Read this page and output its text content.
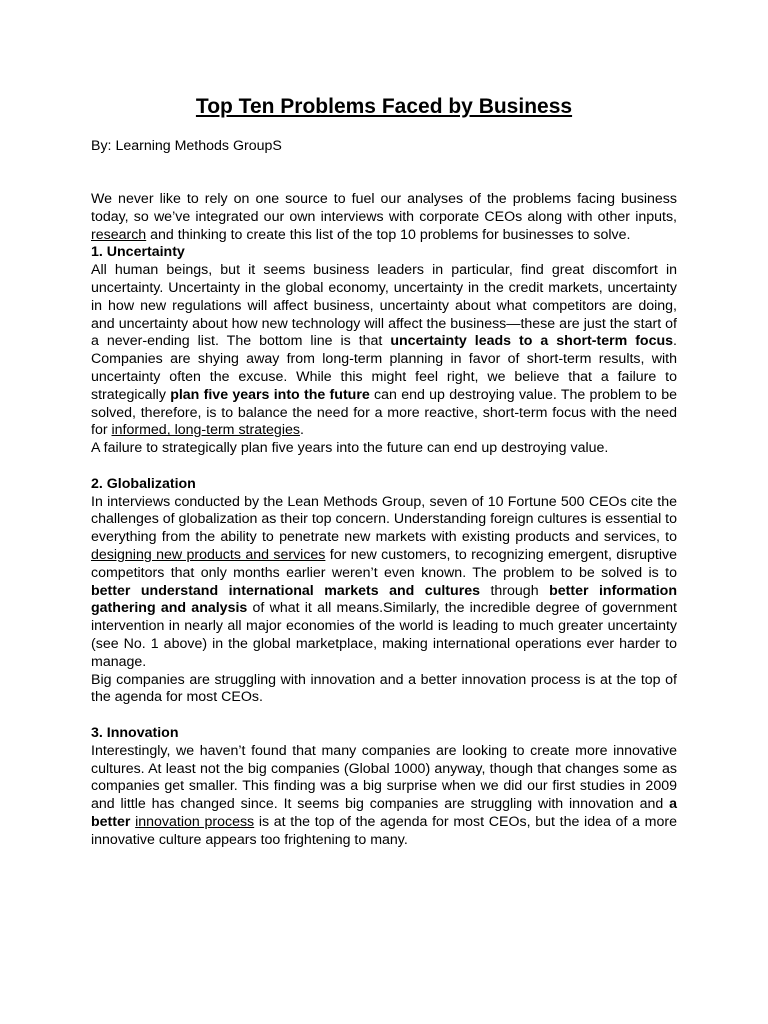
Top Ten Problems Faced by Business

By: Learning Methods GroupS

We never like to rely on one source to fuel our analyses of the problems facing business today, so we’ve integrated our own interviews with corporate CEOs along with other inputs, research and thinking to create this list of the top 10 problems for businesses to solve.

1. Uncertainty

All human beings, but it seems business leaders in particular, find great discomfort in uncertainty. Uncertainty in the global economy, uncertainty in the credit markets, uncertainty in how new regulations will affect business, uncertainty about what competitors are doing, and uncertainty about how new technology will affect the business—these are just the start of a never-ending list. The bottom line is that uncertainty leads to a short-term focus. Companies are shying away from long-term planning in favor of short-term results, with uncertainty often the excuse. While this might feel right, we believe that a failure to strategically plan five years into the future can end up destroying value. The problem to be solved, therefore, is to balance the need for a more reactive, short-term focus with the need for informed, long-term strategies.

A failure to strategically plan five years into the future can end up destroying value.

2. Globalization

In interviews conducted by the Lean Methods Group, seven of 10 Fortune 500 CEOs cite the challenges of globalization as their top concern. Understanding foreign cultures is essential to everything from the ability to penetrate new markets with existing products and services, to designing new products and services for new customers, to recognizing emergent, disruptive competitors that only months earlier weren’t even known. The problem to be solved is to better understand international markets and cultures through better information gathering and analysis of what it all means.Similarly, the incredible degree of government intervention in nearly all major economies of the world is leading to much greater uncertainty (see No. 1 above) in the global marketplace, making international operations ever harder to manage.

Big companies are struggling with innovation and a better innovation process is at the top of the agenda for most CEOs.

3. Innovation

Interestingly, we haven’t found that many companies are looking to create more innovative cultures. At least not the big companies (Global 1000) anyway, though that changes some as companies get smaller. This finding was a big surprise when we did our first studies in 2009 and little has changed since. It seems big companies are struggling with innovation and a better innovation process is at the top of the agenda for most CEOs, but the idea of a more innovative culture appears too frightening to many.
